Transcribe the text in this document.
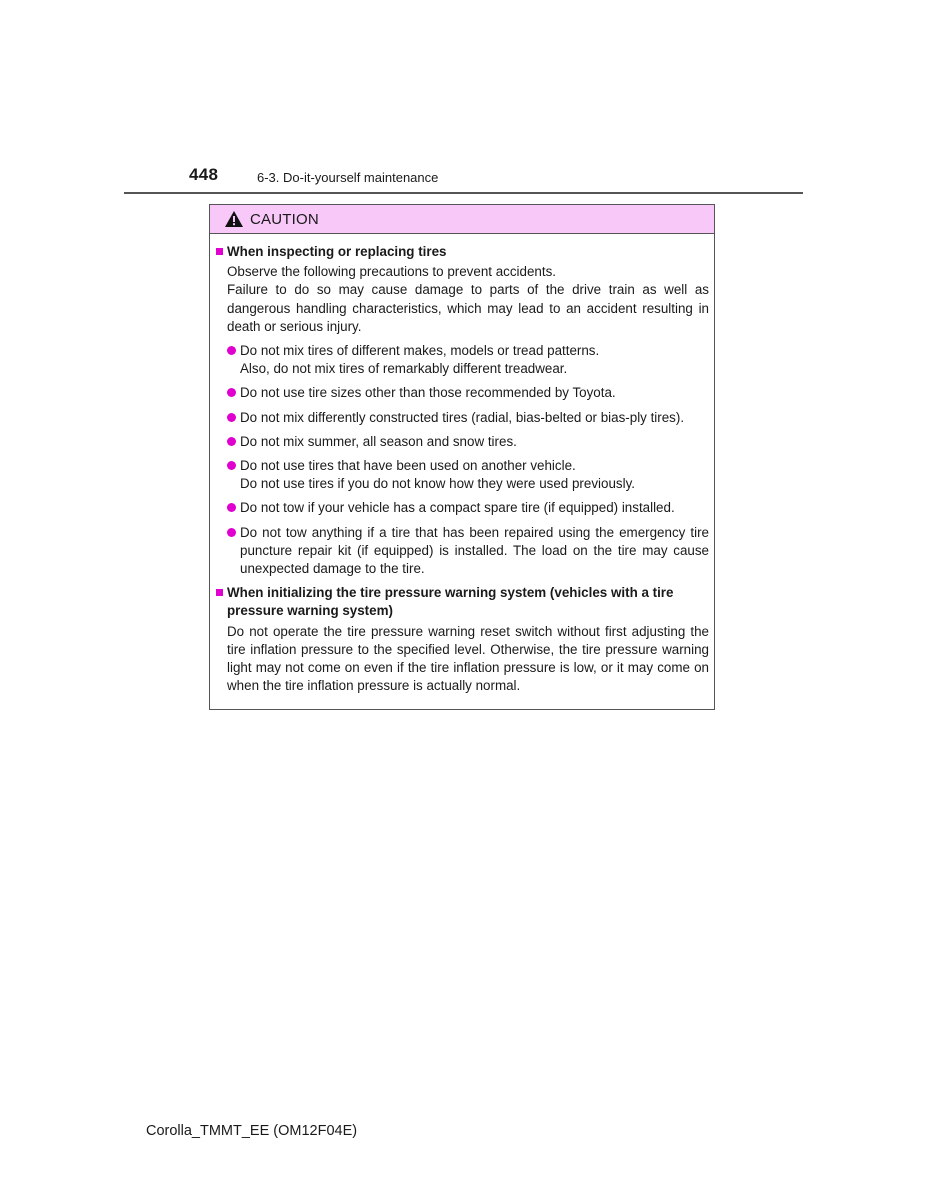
448	6-3. Do-it-yourself maintenance
CAUTION
When inspecting or replacing tires
Observe the following precautions to prevent accidents.
Failure to do so may cause damage to parts of the drive train as well as dangerous handling characteristics, which may lead to an accident resulting in death or serious injury.
Do not mix tires of different makes, models or tread patterns.
Also, do not mix tires of remarkably different treadwear.
Do not use tire sizes other than those recommended by Toyota.
Do not mix differently constructed tires (radial, bias-belted or bias-ply tires).
Do not mix summer, all season and snow tires.
Do not use tires that have been used on another vehicle.
Do not use tires if you do not know how they were used previously.
Do not tow if your vehicle has a compact spare tire (if equipped) installed.
Do not tow anything if a tire that has been repaired using the emergency tire puncture repair kit (if equipped) is installed. The load on the tire may cause unexpected damage to the tire.
When initializing the tire pressure warning system (vehicles with a tire pressure warning system)
Do not operate the tire pressure warning reset switch without first adjusting the tire inflation pressure to the specified level. Otherwise, the tire pressure warning light may not come on even if the tire inflation pressure is low, or it may come on when the tire inflation pressure is actually normal.
Corolla_TMMT_EE (OM12F04E)
